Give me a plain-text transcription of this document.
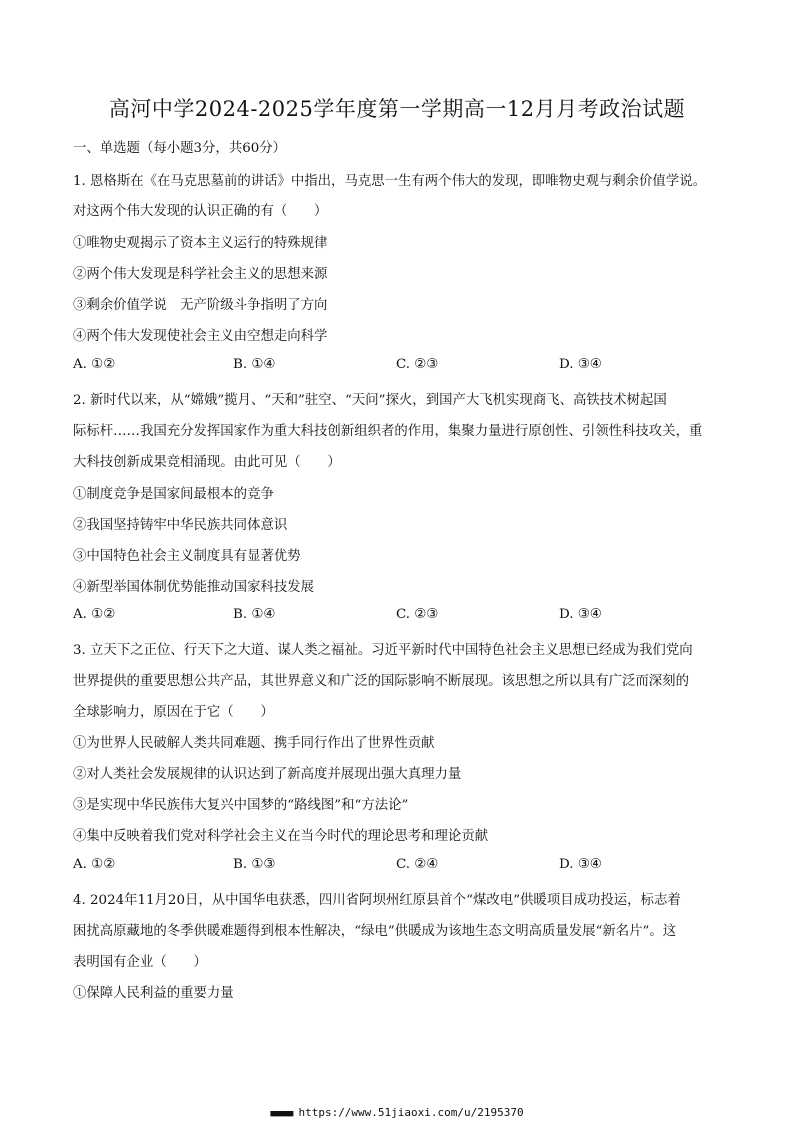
高河中学2024-2025学年度第一学期高一12月月考政治试题
一、单选题（每小题3分，共60分）
1. 恩格斯在《在马克思墓前的讲话》中指出，马克思一生有两个伟大的发现，即唯物史观与剩余价值学说。
对这两个伟大发现的认识正确的有（　　）
①唯物史观揭示了资本主义运行的特殊规律
②两个伟大发现是科学社会主义的思想来源
③剩余价值学说　无产阶级斗争指明了方向
④两个伟大发现使社会主义由空想走向科学
A. ①②	B. ①④	C. ②③	D. ③④
2. 新时代以来，从“嫦娥”揽月、“天和”驻空、“天问”探火，到国产大飞机实现商飞、高铁技术树起国
际标杆……我国充分发挥国家作为重大科技创新组织者的作用，集聚力量进行原创性、引领性科技攻关，重
大科技创新成果竞相涌现。由此可见（　　）
①制度竞争是国家间最根本的竞争
②我国坚持铸牢中华民族共同体意识
③中国特色社会主义制度具有显著优势
④新型举国体制优势能推动国家科技发展
A. ①②	B. ①④	C. ②③	D. ③④
3. 立天下之正位、行天下之大道、谋人类之福祉。习近平新时代中国特色社会主义思想已经成为我们党向
世界提供的重要思想公共产品，其世界意义和广泛的国际影响不断展现。该思想之所以具有广泛而深刻的
全球影响力，原因在于它（　　）
①为世界人民破解人类共同难题、携手同行作出了世界性贡献
②对人类社会发展规律的认识达到了新高度并展现出强大真理力量
③是实现中华民族伟大复兴中国梦的“路线图”和“方法论”
④集中反映着我们党对科学社会主义在当今时代的理论思考和理论贡献
A. ①②	B. ①③	C. ②④	D. ③④
4. 2024年11月20日，从中国华电获悉，四川省阿坝州红原县首个“煤改电”供暖项目成功投运，标志着
困扰高原藏地的冬季供暖难题得到根本性解决，“绿电”供暖成为该地生态文明高质量发展“新名片”。这
表明国有企业（　　）
①保障人民利益的重要力量
■■■■■ https://www.51jiaoxi.com/u/2195370
